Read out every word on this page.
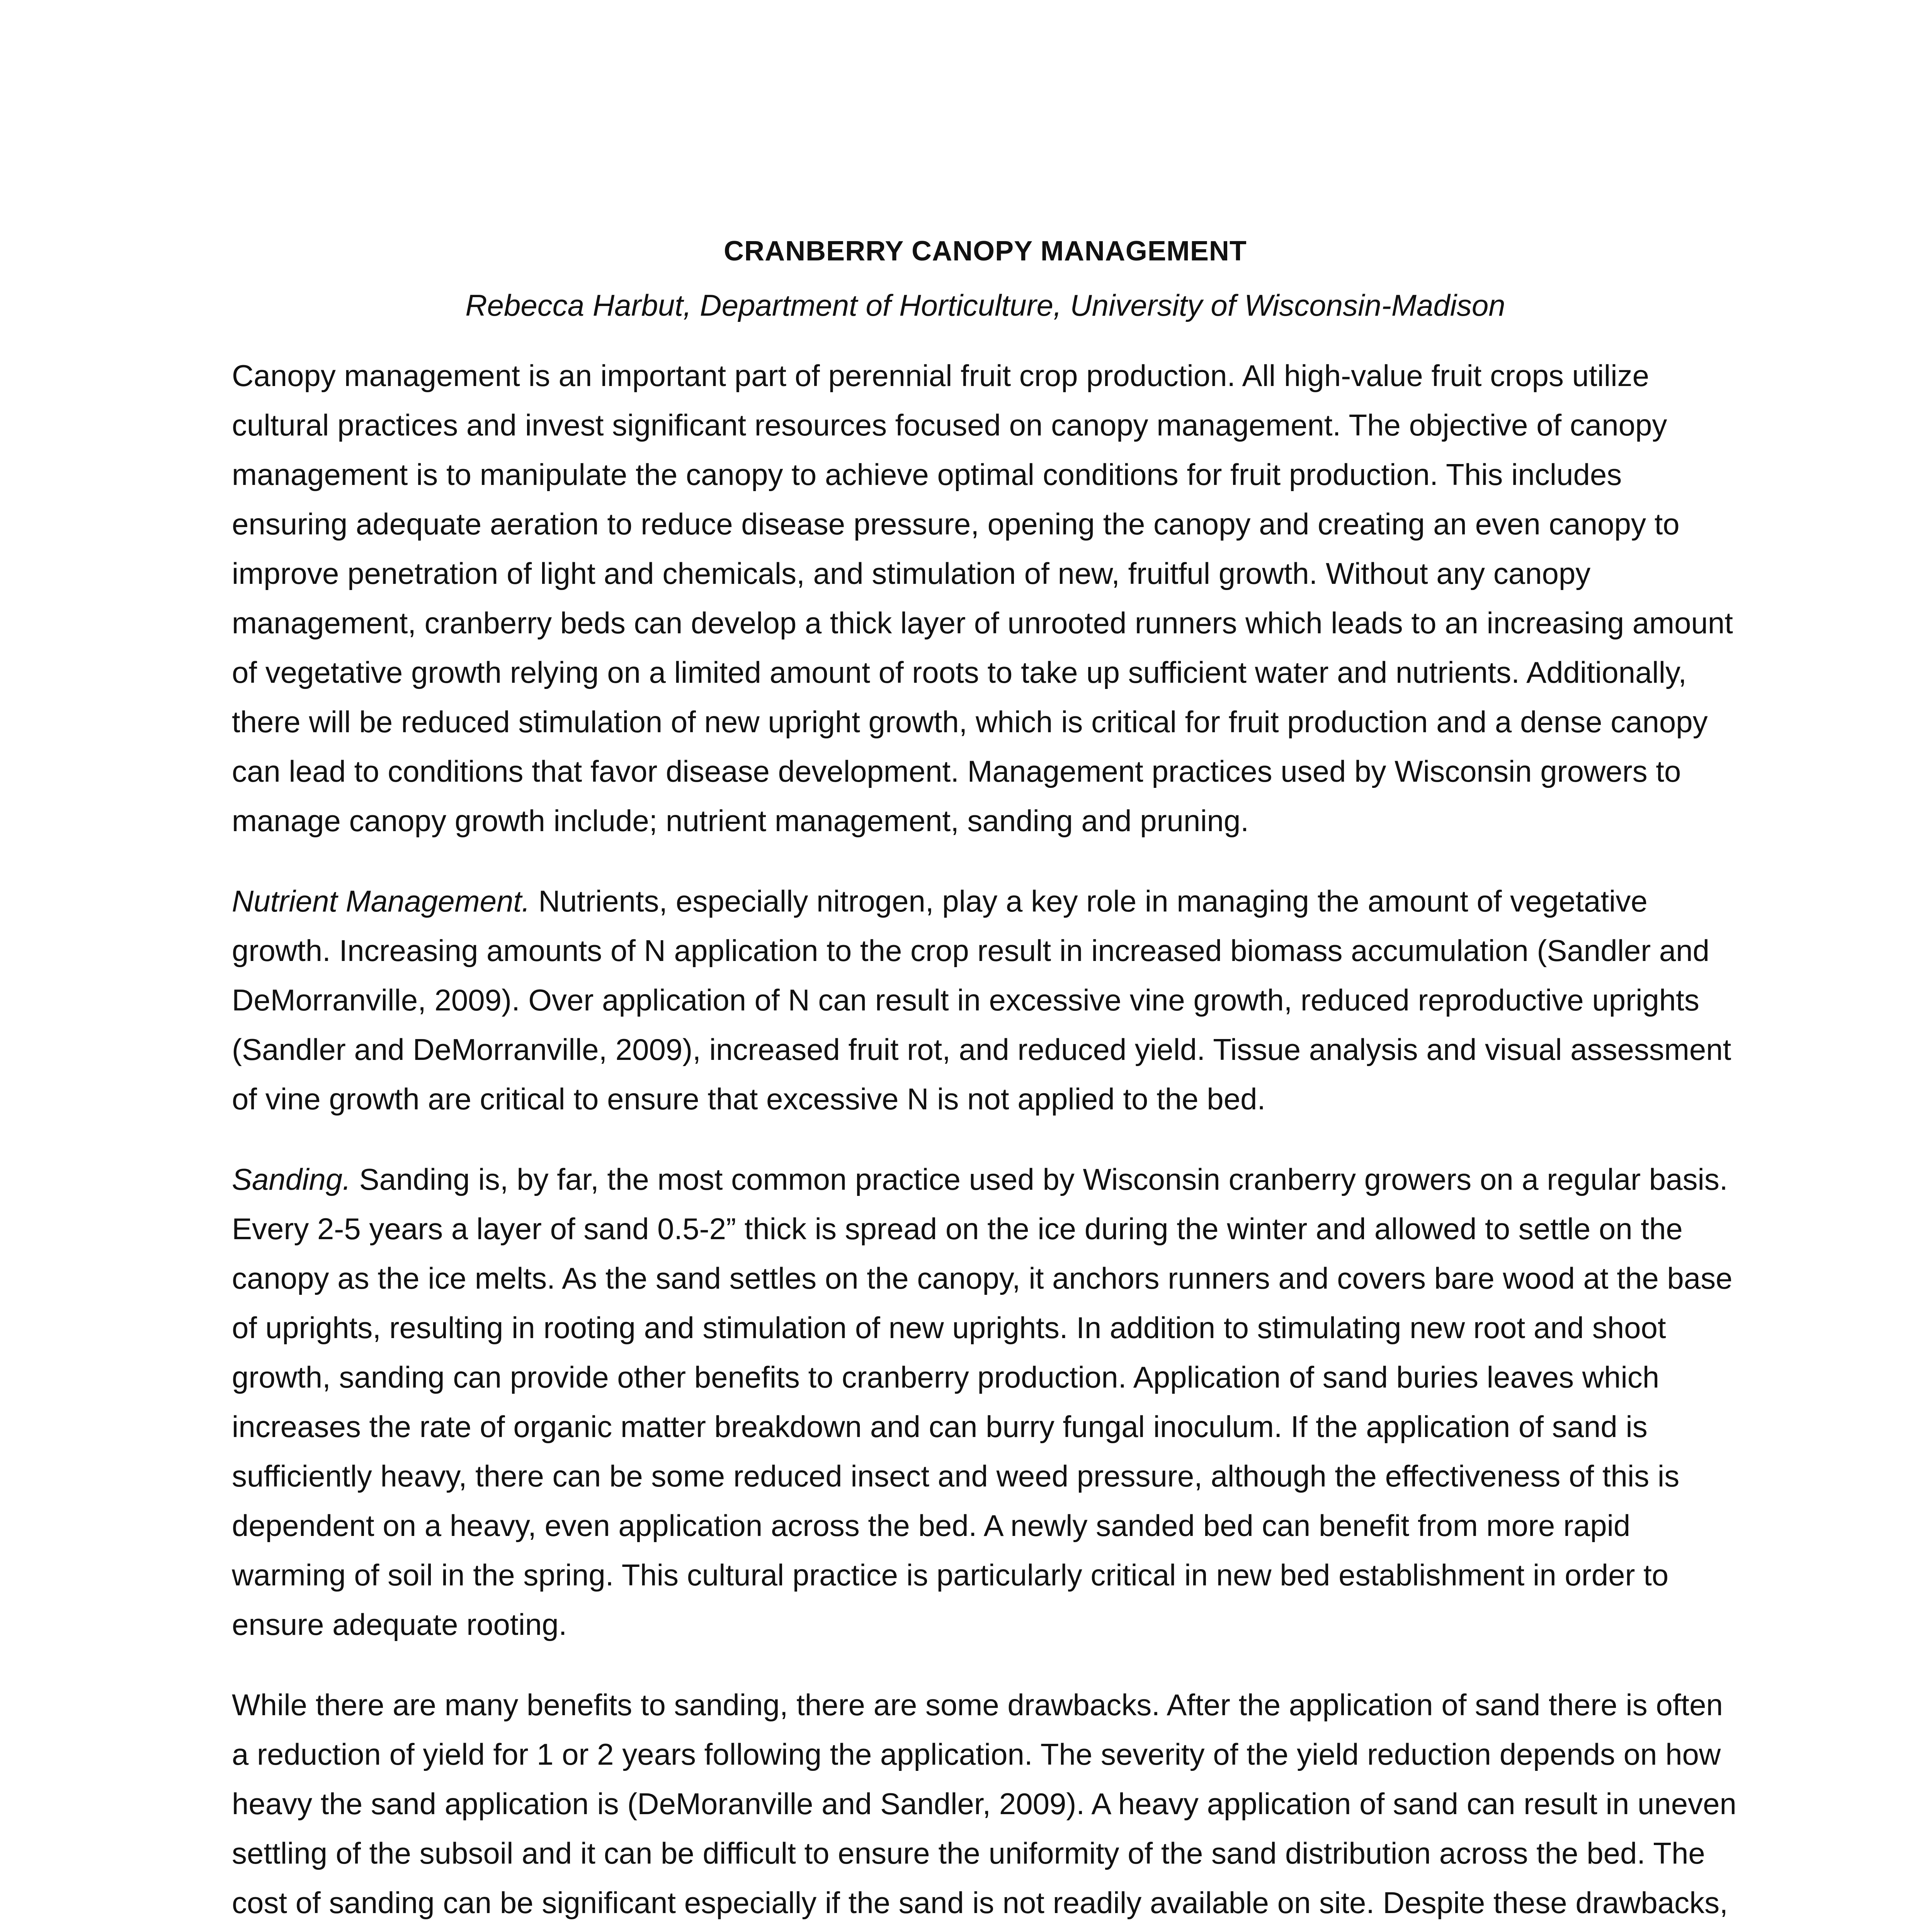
CRANBERRY CANOPY MANAGEMENT

Rebecca Harbut, Department of Horticulture, University of Wisconsin-Madison

Canopy management is an important part of perennial fruit crop production. All high-value fruit crops utilize cultural practices and invest significant resources focused on canopy management. The objective of canopy management is to manipulate the canopy to achieve optimal conditions for fruit production. This includes ensuring adequate aeration to reduce disease pressure, opening the canopy and creating an even canopy to improve penetration of light and chemicals, and stimulation of new, fruitful growth. Without any canopy management, cranberry beds can develop a thick layer of unrooted runners which leads to an increasing amount of vegetative growth relying on a limited amount of roots to take up sufficient water and nutrients. Additionally, there will be reduced stimulation of new upright growth, which is critical for fruit production and a dense canopy can lead to conditions that favor disease development. Management practices used by Wisconsin growers to manage canopy growth include; nutrient management, sanding and pruning.

Nutrient Management. Nutrients, especially nitrogen, play a key role in managing the amount of vegetative growth. Increasing amounts of N application to the crop result in increased biomass accumulation (Sandler and DeMorranville, 2009). Over application of N can result in excessive vine growth, reduced reproductive uprights (Sandler and DeMorranville, 2009), increased fruit rot, and reduced yield. Tissue analysis and visual assessment of vine growth are critical to ensure that excessive N is not applied to the bed.

Sanding. Sanding is, by far, the most common practice used by Wisconsin cranberry growers on a regular basis. Every 2-5 years a layer of sand 0.5-2” thick is spread on the ice during the winter and allowed to settle on the canopy as the ice melts. As the sand settles on the canopy, it anchors runners and covers bare wood at the base of uprights, resulting in rooting and stimulation of new uprights. In addition to stimulating new root and shoot growth, sanding can provide other benefits to cranberry production. Application of sand buries leaves which increases the rate of organic matter breakdown and can burry fungal inoculum. If the application of sand is sufficiently heavy, there can be some reduced insect and weed pressure, although the effectiveness of this is dependent on a heavy, even application across the bed. A newly sanded bed can benefit from more rapid warming of soil in the spring. This cultural practice is particularly critical in new bed establishment in order to ensure adequate rooting.

While there are many benefits to sanding, there are some drawbacks. After the application of sand there is often a reduction of yield for 1 or 2 years following the application. The severity of the yield reduction depends on how heavy the sand application is (DeMoranville and Sandler, 2009). A heavy application of sand can result in uneven settling of the subsoil and it can be difficult to ensure the uniformity of the sand distribution across the bed. The cost of sanding can be significant especially if the sand is not readily available on site. Despite these drawbacks,
